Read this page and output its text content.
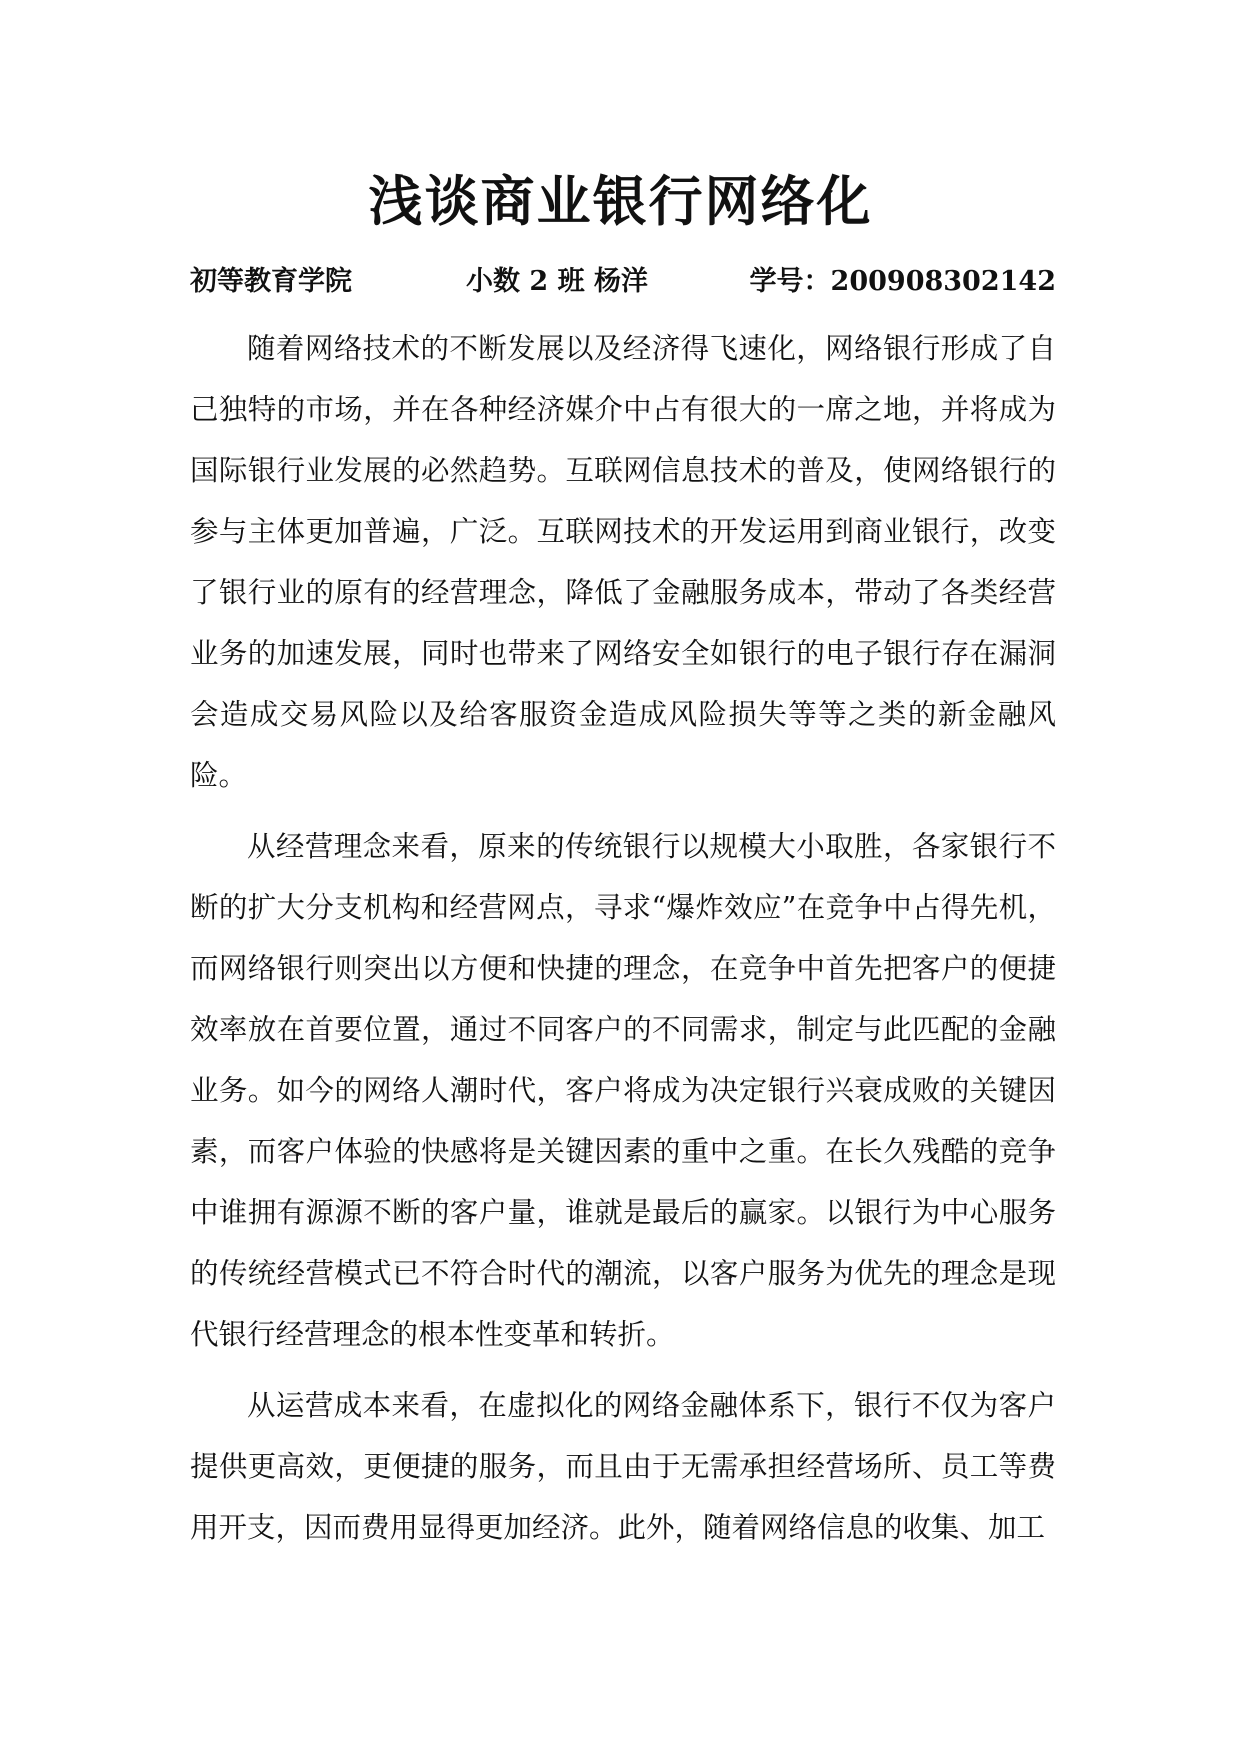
浅谈商业银行网络化
初等教育学院	小数 2 班 杨洋	学号：200908302142

随着网络技术的不断发展以及经济得飞速化，网络银行形成了自己独特的市场，并在各种经济媒介中占有很大的一席之地，并将成为国际银行业发展的必然趋势。互联网信息技术的普及，使网络银行的参与主体更加普遍，广泛。互联网技术的开发运用到商业银行，改变了银行业的原有的经营理念，降低了金融服务成本，带动了各类经营业务的加速发展，同时也带来了网络安全如银行的电子银行存在漏洞会造成交易风险以及给客服资金造成风险损失等等之类的新金融风险。

从经营理念来看，原来的传统银行以规模大小取胜，各家银行不断的扩大分支机构和经营网点，寻求“爆炸效应”在竞争中占得先机，而网络银行则突出以方便和快捷的理念，在竞争中首先把客户的便捷效率放在首要位置，通过不同客户的不同需求，制定与此匹配的金融业务。如今的网络人潮时代，客户将成为决定银行兴衰成败的关键因素，而客户体验的快感将是关键因素的重中之重。在长久残酷的竞争中谁拥有源源不断的客户量，谁就是最后的赢家。以银行为中心服务的传统经营模式已不符合时代的潮流，以客户服务为优先的理念是现代银行经营理念的根本性变革和转折。

从运营成本来看，在虚拟化的网络金融体系下，银行不仅为客户提供更高效，更便捷的服务，而且由于无需承担经营场所、员工等费用开支，因而费用显得更加经济。此外，随着网络信息的收集、加工
